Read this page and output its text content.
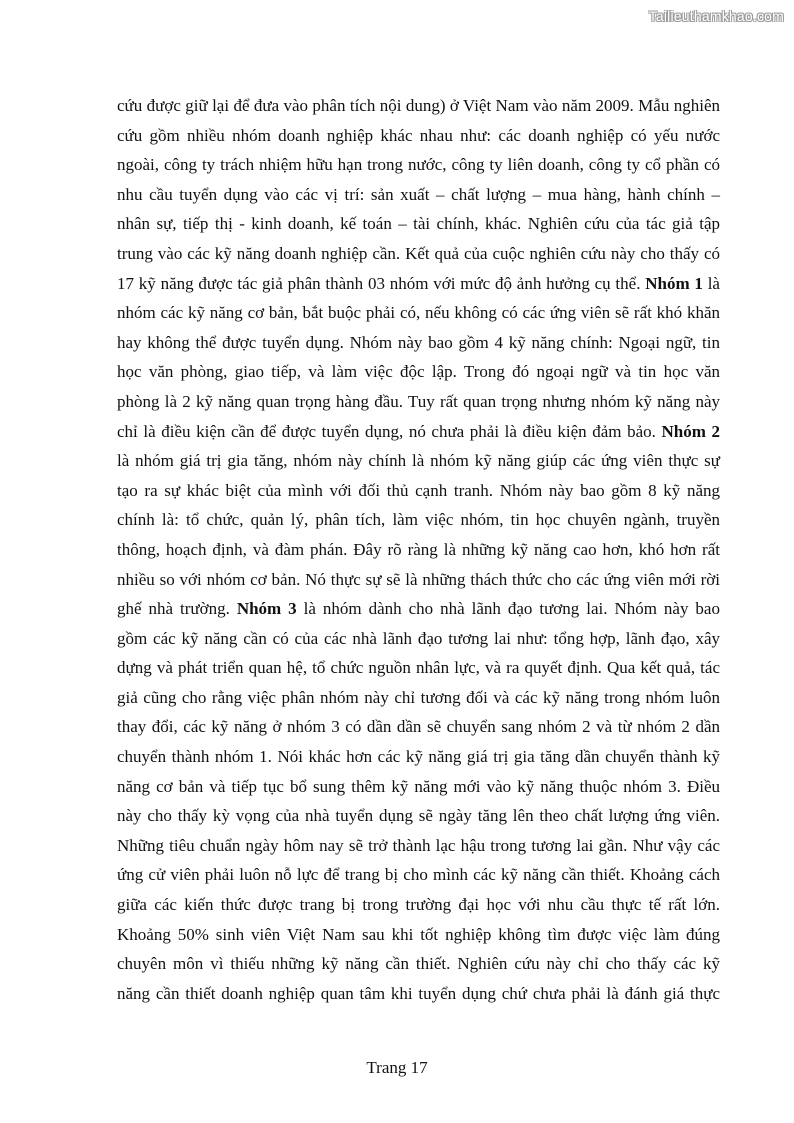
Tailieuthamkhao.com
cứu được giữ lại để đưa vào phân tích nội dung) ở Việt Nam vào năm 2009. Mẫu nghiên
cứu gồm nhiều nhóm doanh nghiệp khác nhau như: các doanh nghiệp có yếu nước
ngoài, công ty trách nhiệm hữu hạn trong nước, công ty liên doanh, công ty cổ phần có
nhu cầu tuyển dụng vào các vị trí: sản xuất – chất lượng – mua hàng, hành chính –
nhân sự, tiếp thị - kinh doanh, kế toán – tài chính, khác. Nghiên cứu của tác giả tập
trung vào các kỹ năng doanh nghiệp cần. Kết quả của cuộc nghiên cứu này cho thấy có
17 kỹ năng được tác giả phân thành 03 nhóm với mức độ ảnh hưởng cụ thể. Nhóm 1 là
nhóm các kỹ năng cơ bản, bắt buộc phải có, nếu không có các ứng viên sẽ rất khó khăn
hay không thể được tuyển dụng. Nhóm này bao gồm 4 kỹ năng chính: Ngoại ngữ, tin
học văn phòng, giao tiếp, và làm việc độc lập. Trong đó ngoại ngữ và tin học văn
phòng là 2 kỹ năng quan trọng hàng đầu. Tuy rất quan trọng nhưng nhóm kỹ năng này
chỉ là điều kiện cần để được tuyển dụng, nó chưa phải là điều kiện đảm bảo. Nhóm 2
là nhóm giá trị gia tăng, nhóm này chính là nhóm kỹ năng giúp các ứng viên thực sự
tạo ra sự khác biệt của mình với đối thủ cạnh tranh. Nhóm này bao gồm 8 kỹ năng
chính là: tổ chức, quản lý, phân tích, làm việc nhóm, tin học chuyên ngành, truyền
thông, hoạch định, và đàm phán. Đây rõ ràng là những kỹ năng cao hơn, khó hơn rất
nhiều so với nhóm cơ bản. Nó thực sự sẽ là những thách thức cho các ứng viên mới rời
ghế nhà trường. Nhóm 3 là nhóm dành cho nhà lãnh đạo tương lai. Nhóm này bao
gồm các kỹ năng cần có của các nhà lãnh đạo tương lai như: tổng hợp, lãnh đạo, xây
dựng và phát triển quan hệ, tổ chức nguồn nhân lực, và ra quyết định. Qua kết quả, tác
giả cũng cho rằng việc phân nhóm này chỉ tương đối và các kỹ năng trong nhóm luôn
thay đổi, các kỹ năng ở nhóm 3 có dần dần sẽ chuyển sang nhóm 2 và từ nhóm 2 dần
chuyển thành nhóm 1. Nói khác hơn các kỹ năng giá trị gia tăng dần chuyển thành kỹ
năng cơ bản và tiếp tục bổ sung thêm kỹ năng mới vào kỹ năng thuộc nhóm 3. Điều
này cho thấy kỳ vọng của nhà tuyển dụng sẽ ngày tăng lên theo chất lượng ứng viên.
Những tiêu chuẩn ngày hôm nay sẽ trở thành lạc hậu trong tương lai gần. Như vậy các
ứng cử viên phải luôn nỗ lực để trang bị cho mình các kỹ năng cần thiết. Khoảng cách
giữa các kiến thức được trang bị trong trường đại học với nhu cầu thực tế rất lớn.
Khoảng 50% sinh viên Việt Nam sau khi tốt nghiệp không tìm được việc làm đúng
chuyên môn vì thiếu những kỹ năng cần thiết. Nghiên cứu này chỉ cho thấy các kỹ
năng cần thiết doanh nghiệp quan tâm khi tuyển dụng chứ chưa phải là đánh giá thực
Trang 17
